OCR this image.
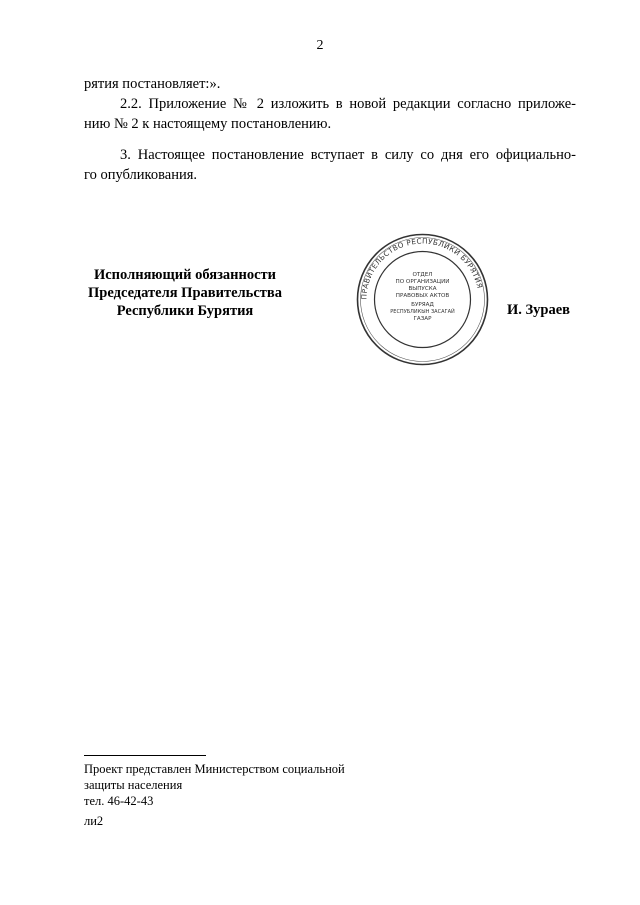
2
рятия постановляет:».
2.2. Приложение № 2 изложить в новой редакции согласно приложе-
нию № 2 к настоящему постановлению.
3. Настоящее постановление вступает в силу со дня его официально-
го опубликования.
Исполняющий обязанности
Председателя Правительства
Республики Бурятия
ПРАВИТЕЛЬСТВО РЕСПУБЛИКИ БУРЯТИЯ
ОТДЕЛ
ПО ОРГАНИЗАЦИИ
ВЫПУСКА
ПРАВОВЫХ АКТОВ
БУРЯАД
РЕСПУБЛИКЫН ЗАСАГАЙ
ГАЗАР
И. Зураев
Проект представлен Министерством социальной
защиты населения
тел. 46-42-43
ли2
